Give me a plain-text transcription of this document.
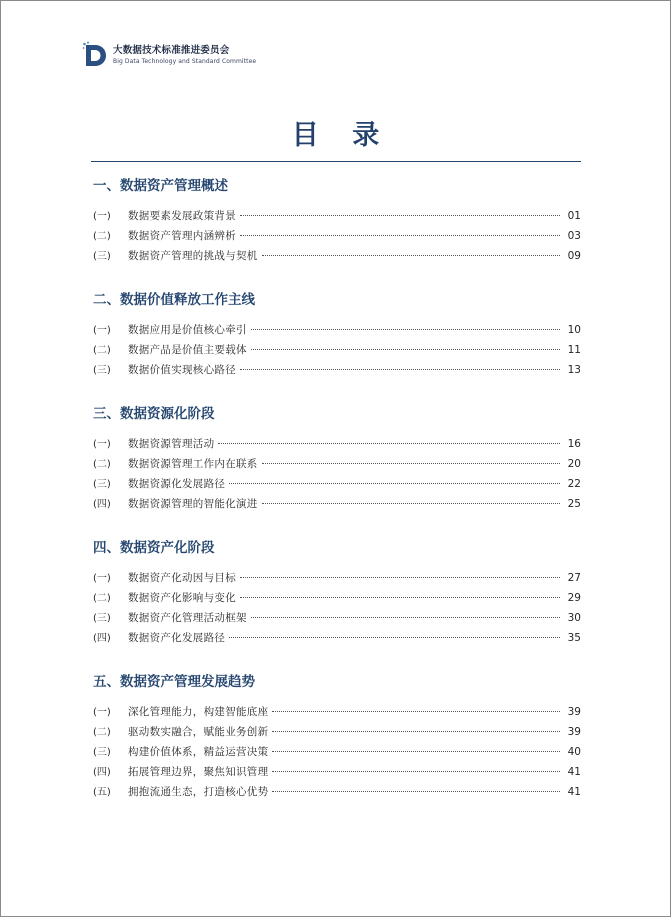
大数据技术标准推进委员会
Big Data Technology and Standard Committee
目 录
一、数据资产管理概述
(一)	数据要素发展政策背景	01
(二)	数据资产管理内涵辨析	03
(三)	数据资产管理的挑战与契机	09
二、数据价值释放工作主线
(一)	数据应用是价值核心牵引	10
(二)	数据产品是价值主要载体	11
(三)	数据价值实现核心路径	13
三、数据资源化阶段
(一)	数据资源管理活动	16
(二)	数据资源管理工作内在联系	20
(三)	数据资源化发展路径	22
(四)	数据资源管理的智能化演进	25
四、数据资产化阶段
(一)	数据资产化动因与目标	27
(二)	数据资产化影响与变化	29
(三)	数据资产化管理活动框架	30
(四)	数据资产化发展路径	35
五、数据资产管理发展趋势
(一)	深化管理能力，构建智能底座	39
(二)	驱动数实融合，赋能业务创新	39
(三)	构建价值体系，精益运营决策	40
(四)	拓展管理边界，聚焦知识管理	41
(五)	拥抱流通生态，打造核心优势	41
